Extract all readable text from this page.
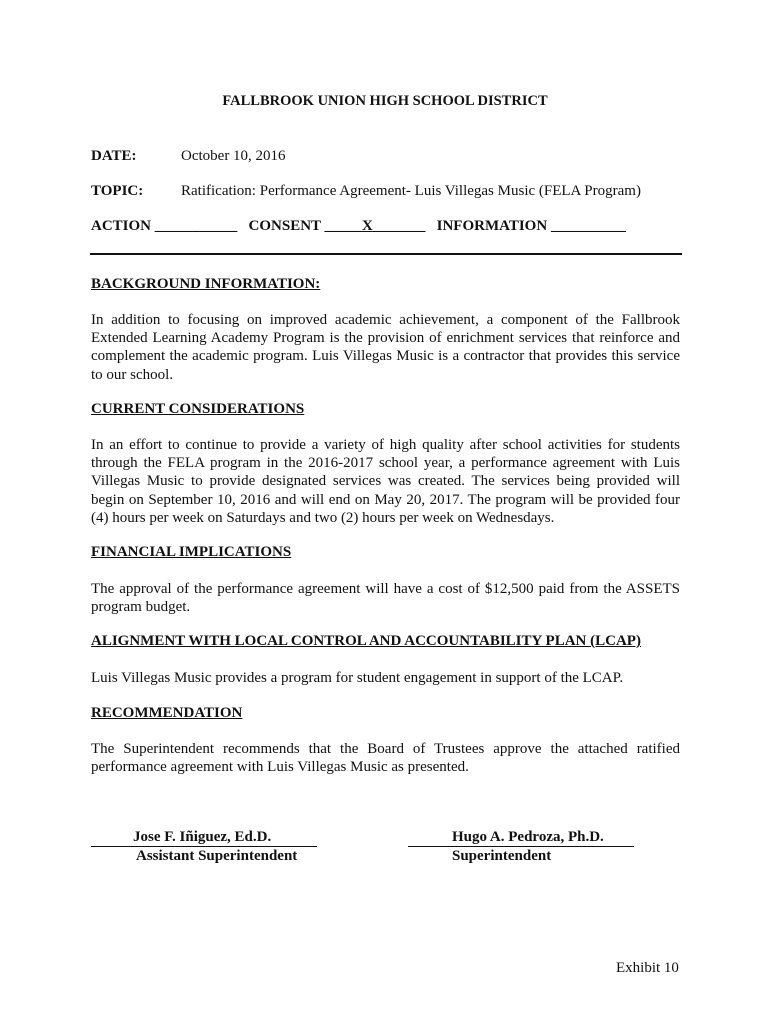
FALLBROOK UNION HIGH SCHOOL DISTRICT
DATE:	October 10, 2016
TOPIC:	Ratification: Performance Agreement- Luis Villegas Music (FELA Program)
ACTION ___________ CONSENT _____X_______ INFORMATION __________
BACKGROUND INFORMATION:
In addition to focusing on improved academic achievement, a component of the Fallbrook Extended Learning Academy Program is the provision of enrichment services that reinforce and complement the academic program. Luis Villegas Music is a contractor that provides this service to our school.
CURRENT CONSIDERATIONS
In an effort to continue to provide a variety of high quality after school activities for students through the FELA program in the 2016-2017 school year, a performance agreement with Luis Villegas Music to provide designated services was created. The services being provided will begin on September 10, 2016 and will end on May 20, 2017. The program will be provided four (4) hours per week on Saturdays and two (2) hours per week on Wednesdays.
FINANCIAL IMPLICATIONS
The approval of the performance agreement will have a cost of $12,500 paid from the ASSETS program budget.
ALIGNMENT WITH LOCAL CONTROL AND ACCOUNTABILITY PLAN (LCAP)
Luis Villegas Music provides a program for student engagement in support of the LCAP.
RECOMMENDATION
The Superintendent recommends that the Board of Trustees approve the attached ratified performance agreement with Luis Villegas Music as presented.
Jose F. Iñiguez, Ed.D.
Assistant Superintendent
Hugo A. Pedroza, Ph.D.
Superintendent
Exhibit 10
